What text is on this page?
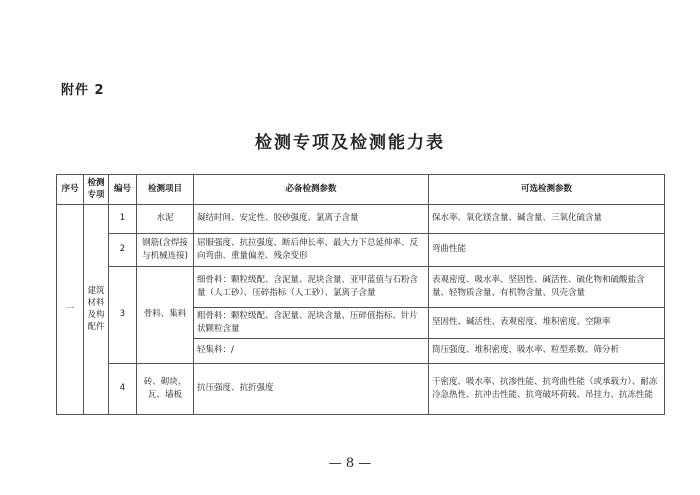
附件 2
检测专项及检测能力表
序号	检测专项	编号	检测项目	必备检测参数	可选检测参数
一	建筑材料及构配件	1	水泥	凝结时间、安定性、胶砂强度、氯离子含量	保水率、氧化镁含量、碱含量、三氧化硫含量
		2	钢筋(含焊接与机械连接)	屈服强度、抗拉强度、断后伸长率、最大力下总延伸率、反向弯曲、重量偏差、残余变形	弯曲性能
		3	骨料、集料	细骨料：颗粒级配、含泥量、泥块含量、亚甲蓝值与石粉含量（人工砂）、压碎指标（人工砂）、氯离子含量	表观密度、吸水率、坚固性、碱活性、硫化物和硫酸盐含量、轻物质含量、有机物含量、贝壳含量
				粗骨料：颗粒级配、含泥量、泥块含量、压碎值指标、针片状颗粒含量	坚固性、碱活性、表观密度、堆积密度、空隙率
				轻集料：/	筒压强度、堆积密度、吸水率、粒型系数、筛分析
		4	砖、砌块、瓦、墙板	抗压强度、抗折强度	干密度、吸水率、抗渗性能、抗弯曲性能（或承载力）、耐冻冷急热性、抗冲击性能、抗弯破坏荷载、吊挂力、抗冻性能
— 8 —
